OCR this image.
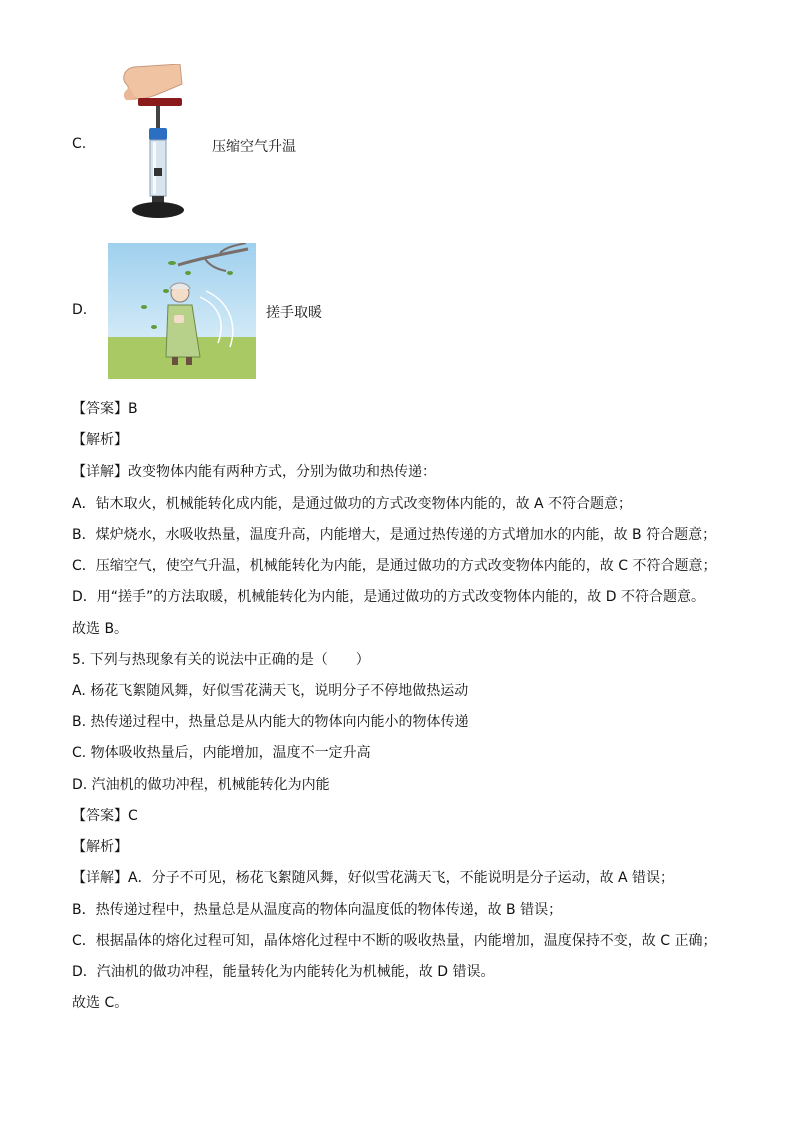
C.	压缩空气升温
D.	搓手取暖
【答案】B
【解析】
【详解】改变物体内能有两种方式，分别为做功和热传递：
A．钻木取火，机械能转化成内能，是通过做功的方式改变物体内能的，故 A 不符合题意；
B．煤炉烧水，水吸收热量，温度升高，内能增大，是通过热传递的方式增加水的内能，故 B 符合题意；
C．压缩空气，使空气升温，机械能转化为内能，是通过做功的方式改变物体内能的，故 C 不符合题意；
D．用“搓手”的方法取暖，机械能转化为内能，是通过做功的方式改变物体内能的，故 D 不符合题意。
故选 B。
5. 下列与热现象有关的说法中正确的是（　　）
A. 杨花飞絮随风舞，好似雪花满天飞，说明分子不停地做热运动
B. 热传递过程中，热量总是从内能大的物体向内能小的物体传递
C. 物体吸收热量后，内能增加，温度不一定升高
D. 汽油机的做功冲程，机械能转化为内能
【答案】C
【解析】
【详解】A．分子不可见，杨花飞絮随风舞，好似雪花满天飞，不能说明是分子运动，故 A 错误；
B．热传递过程中，热量总是从温度高的物体向温度低的物体传递，故 B 错误；
C．根据晶体的熔化过程可知，晶体熔化过程中不断的吸收热量，内能增加，温度保持不变，故 C 正确；
D．汽油机的做功冲程，能量转化为内能转化为机械能，故 D 错误。
故选 C。
